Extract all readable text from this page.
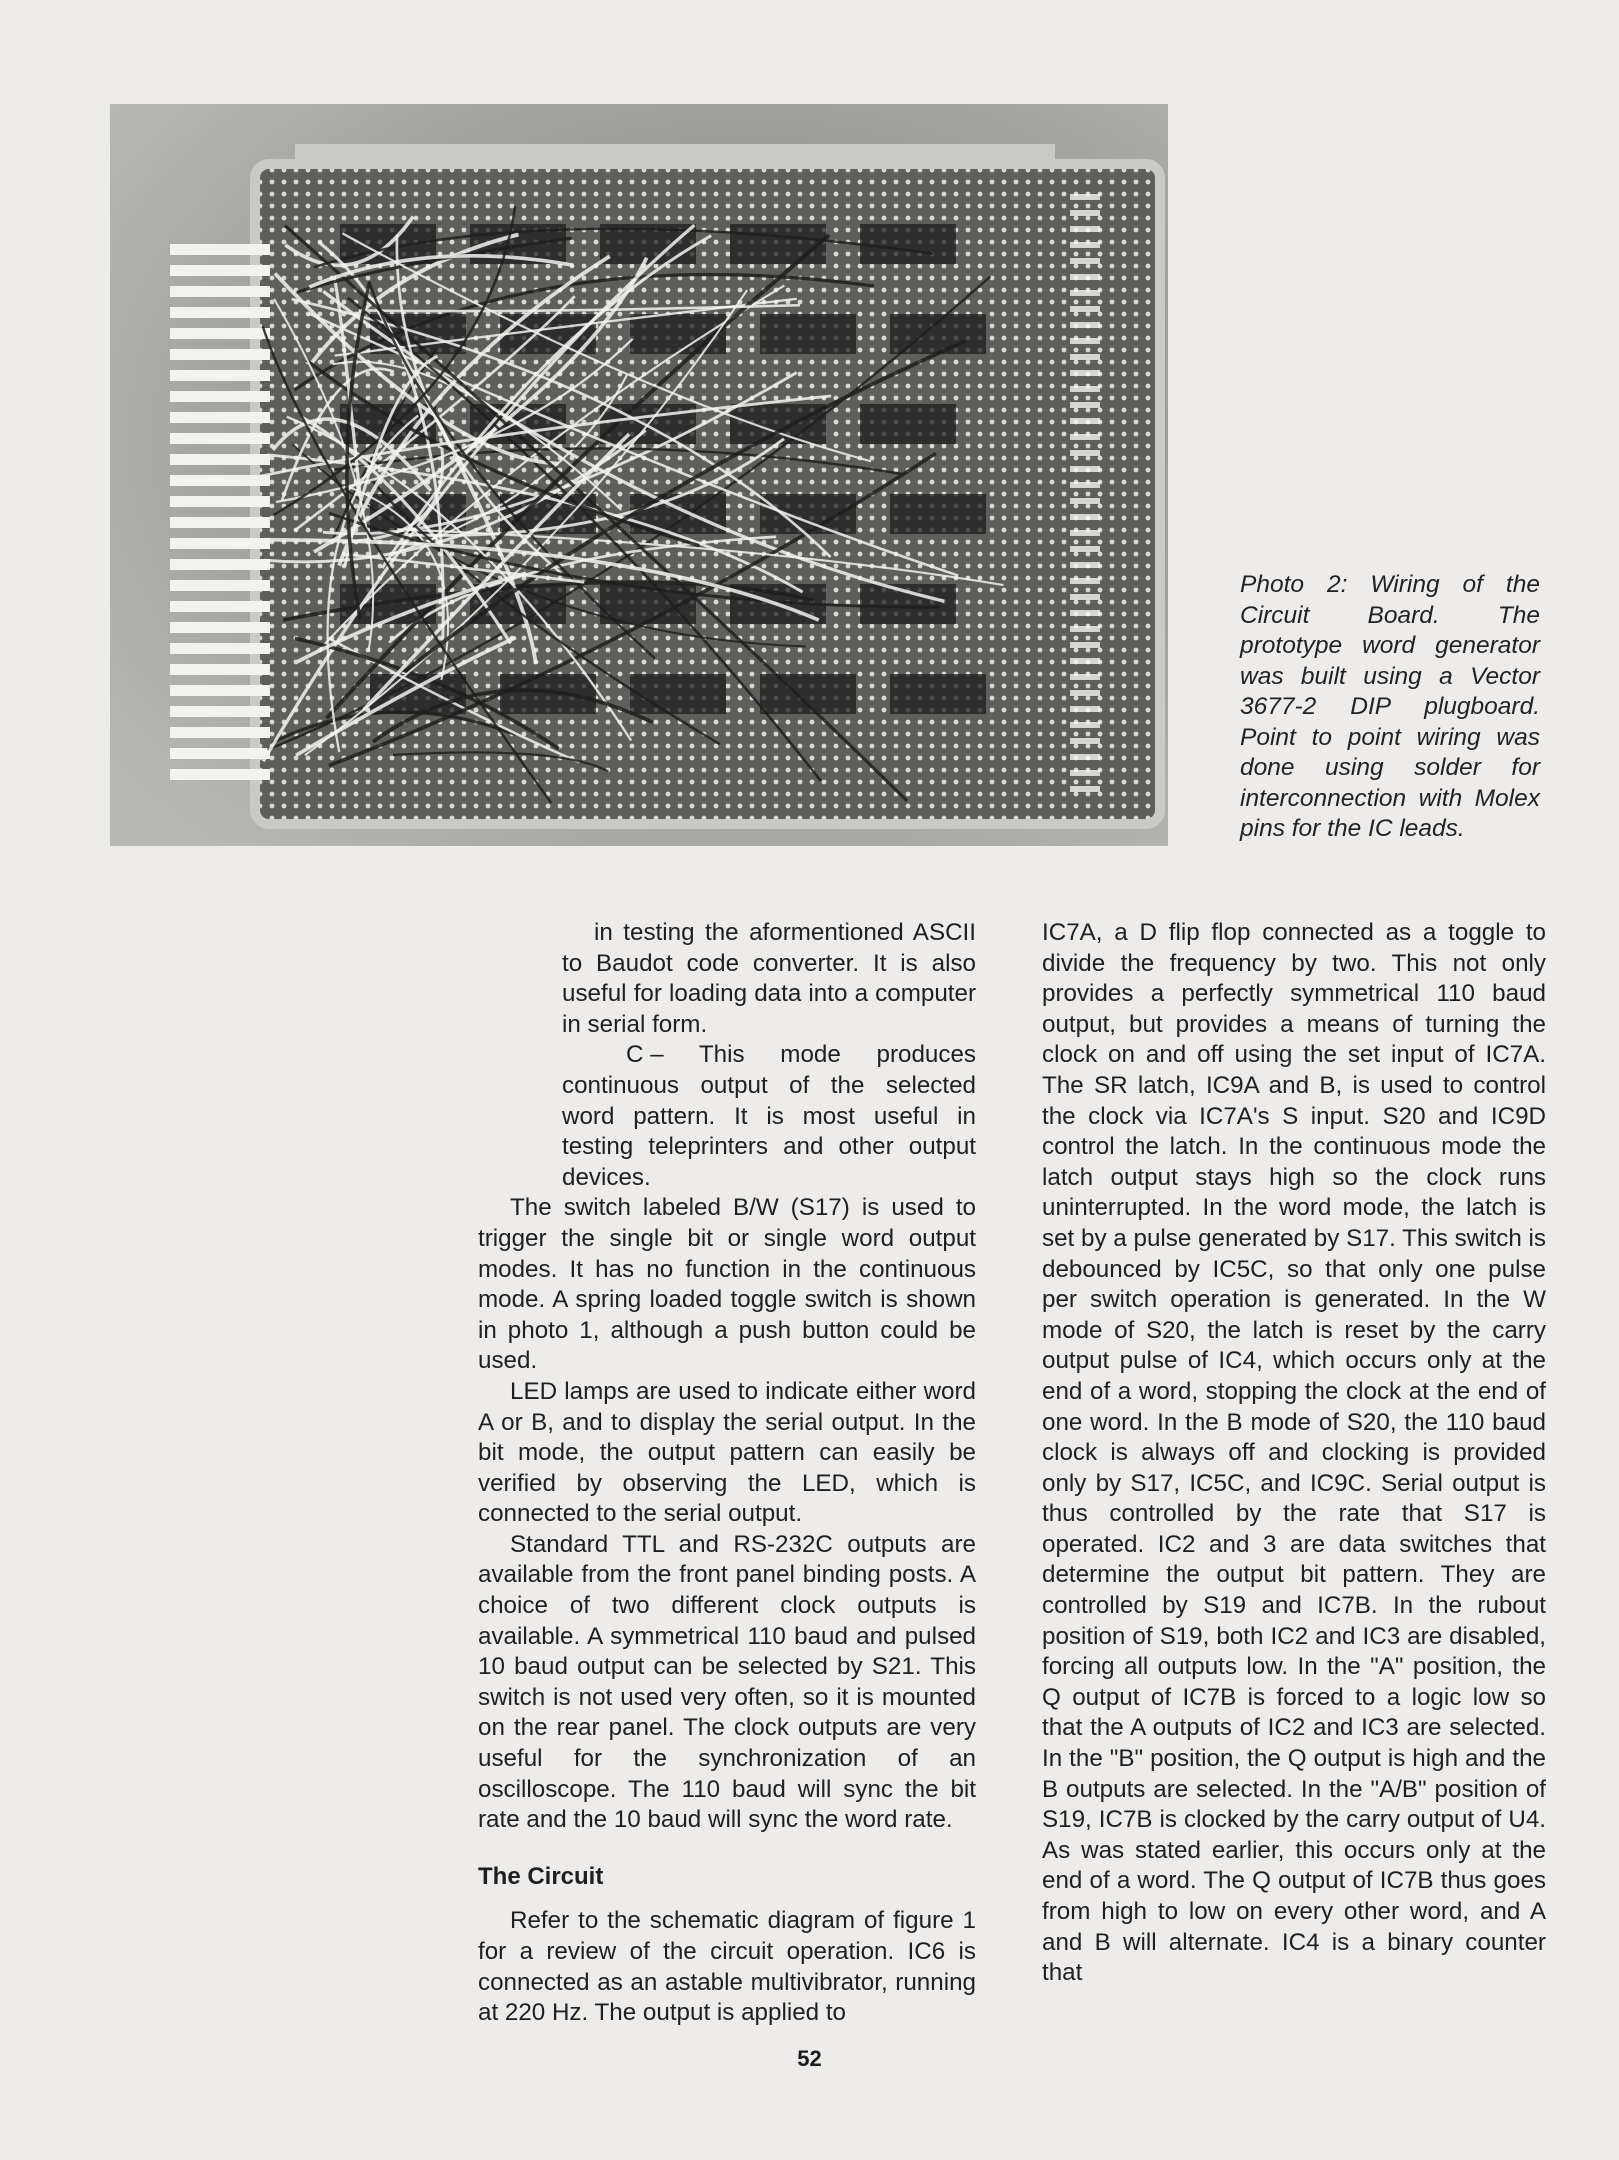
Photo 2: Wiring of the Circuit Board. The prototype word generator was built using a Vector 3677-2 DIP plugboard. Point to point wiring was done using solder for interconnection with Molex pins for the IC leads.

in testing the aformentioned ASCII to Baudot code converter. It is also useful for loading data into a computer in serial form.

C – This mode produces continuous output of the selected word pattern. It is most useful in testing teleprinters and other output devices.

The switch labeled B/W (S17) is used to trigger the single bit or single word output modes. It has no function in the continuous mode. A spring loaded toggle switch is shown in photo 1, although a push button could be used.

LED lamps are used to indicate either word A or B, and to display the serial output. In the bit mode, the output pattern can easily be verified by observing the LED, which is connected to the serial output.

Standard TTL and RS-232C outputs are available from the front panel binding posts. A choice of two different clock outputs is available. A symmetrical 110 baud and pulsed 10 baud output can be selected by S21. This switch is not used very often, so it is mounted on the rear panel. The clock outputs are very useful for the synchronization of an oscilloscope. The 110 baud will sync the bit rate and the 10 baud will sync the word rate.

The Circuit

Refer to the schematic diagram of figure 1 for a review of the circuit operation. IC6 is connected as an astable multivibrator, running at 220 Hz. The output is applied to

IC7A, a D flip flop connected as a toggle to divide the frequency by two. This not only provides a perfectly symmetrical 110 baud output, but provides a means of turning the clock on and off using the set input of IC7A. The SR latch, IC9A and B, is used to control the clock via IC7A's S input. S20 and IC9D control the latch. In the continuous mode the latch output stays high so the clock runs uninterrupted. In the word mode, the latch is set by a pulse generated by S17. This switch is debounced by IC5C, so that only one pulse per switch operation is generated. In the W mode of S20, the latch is reset by the carry output pulse of IC4, which occurs only at the end of a word, stopping the clock at the end of one word. In the B mode of S20, the 110 baud clock is always off and clocking is provided only by S17, IC5C, and IC9C. Serial output is thus controlled by the rate that S17 is operated. IC2 and 3 are data switches that determine the output bit pattern. They are controlled by S19 and IC7B. In the rubout position of S19, both IC2 and IC3 are disabled, forcing all outputs low. In the "A" position, the Q output of IC7B is forced to a logic low so that the A outputs of IC2 and IC3 are selected. In the "B" position, the Q output is high and the B outputs are selected. In the "A/B" position of S19, IC7B is clocked by the carry output of U4. As was stated earlier, this occurs only at the end of a word. The Q output of IC7B thus goes from high to low on every other word, and A and B will alternate. IC4 is a binary counter that

52
